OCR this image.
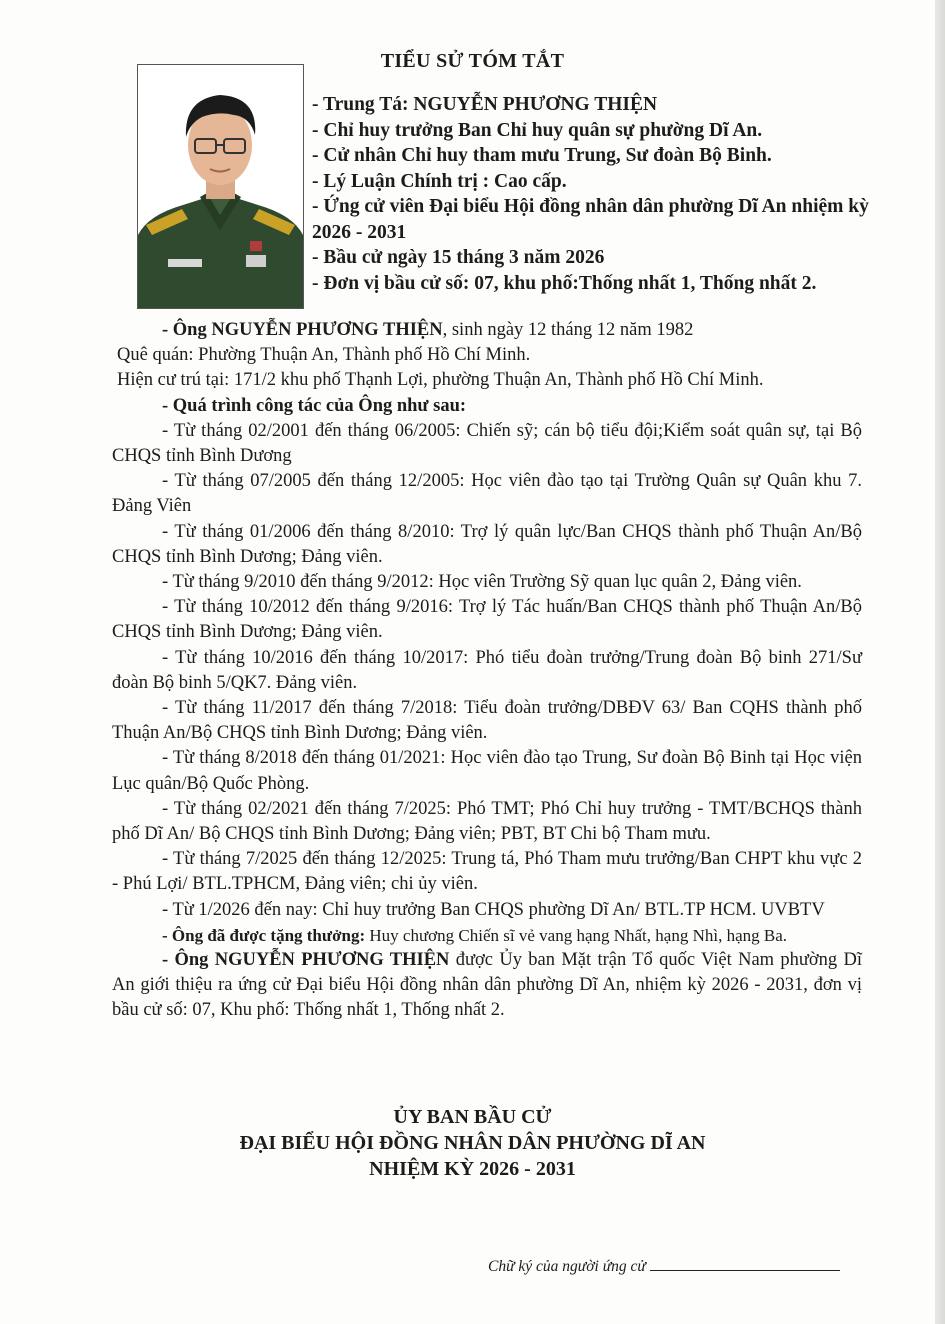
TIỂU SỬ TÓM TẮT
- Trung Tá: NGUYỄN PHƯƠNG THIỆN
- Chỉ huy trưởng Ban Chỉ huy quân sự phường Dĩ An.
- Cử nhân Chỉ huy tham mưu Trung, Sư đoàn Bộ Binh.
- Lý Luận Chính trị : Cao cấp.
- Ứng cử viên Đại biểu Hội đồng nhân dân phường Dĩ An nhiệm kỳ 2026 - 2031
- Bầu cử ngày 15 tháng 3 năm 2026
- Đơn vị bầu cử số: 07, khu phố:Thống nhất 1, Thống nhất 2.

- Ông NGUYỄN PHƯƠNG THIỆN, sinh ngày 12 tháng 12 năm 1982

Quê quán: Phường Thuận An, Thành phố Hồ Chí Minh.

Hiện cư trú tại: 171/2 khu phố Thạnh Lợi, phường Thuận An, Thành phố Hồ Chí Minh.

- Quá trình công tác của Ông như sau:

- Từ tháng 02/2001 đến tháng 06/2005: Chiến sỹ; cán bộ tiểu đội;Kiểm soát quân sự, tại Bộ CHQS tỉnh Bình Dương

- Từ tháng 07/2005 đến tháng 12/2005: Học viên đào tạo tại Trường Quân sự Quân khu 7. Đảng Viên

- Từ tháng 01/2006 đến tháng 8/2010: Trợ lý quân lực/Ban CHQS thành phố Thuận An/Bộ CHQS tỉnh Bình Dương; Đảng viên.

- Từ tháng 9/2010 đến tháng 9/2012: Học viên Trường Sỹ quan lục quân 2, Đảng viên.

- Từ tháng 10/2012 đến tháng 9/2016: Trợ lý Tác huấn/Ban CHQS thành phố Thuận An/Bộ CHQS tỉnh Bình Dương; Đảng viên.

- Từ tháng 10/2016 đến tháng 10/2017: Phó tiểu đoàn trưởng/Trung đoàn Bộ binh 271/Sư đoàn Bộ binh 5/QK7. Đảng viên.

- Từ tháng 11/2017 đến tháng 7/2018: Tiểu đoàn trưởng/DBĐV 63/ Ban CQHS thành phố Thuận An/Bộ CHQS tỉnh Bình Dương; Đảng viên.

- Từ tháng 8/2018 đến tháng 01/2021: Học viên đào tạo Trung, Sư đoàn Bộ Binh tại Học viện Lục quân/Bộ Quốc Phòng.

- Từ tháng 02/2021 đến tháng 7/2025: Phó TMT; Phó Chỉ huy trưởng - TMT/BCHQS thành phố Dĩ An/ Bộ CHQS tỉnh Bình Dương; Đảng viên; PBT, BT Chi bộ Tham mưu.

- Từ tháng 7/2025 đến tháng 12/2025: Trung tá, Phó Tham mưu trưởng/Ban CHPT khu vực 2 - Phú Lợi/ BTL.TPHCM, Đảng viên; chi ủy viên.

- Từ 1/2026 đến nay: Chỉ huy trưởng Ban CHQS phường Dĩ An/ BTL.TP HCM. UVBTV

- Ông đã được tặng thưởng: Huy chương Chiến sĩ vẻ vang hạng Nhất, hạng Nhì, hạng Ba.

- Ông NGUYỄN PHƯƠNG THIỆN được Ủy ban Mặt trận Tổ quốc Việt Nam phường Dĩ An giới thiệu ra ứng cử Đại biểu Hội đồng nhân dân phường Dĩ An, nhiệm kỳ 2026 - 2031, đơn vị bầu cử số: 07, Khu phố: Thống nhất 1, Thống nhất 2.

ỦY BAN BẦU CỬ
ĐẠI BIỂU HỘI ĐỒNG NHÂN DÂN PHƯỜNG DĨ AN
NHIỆM KỲ 2026 - 2031
Chữ ký của người ứng cử
